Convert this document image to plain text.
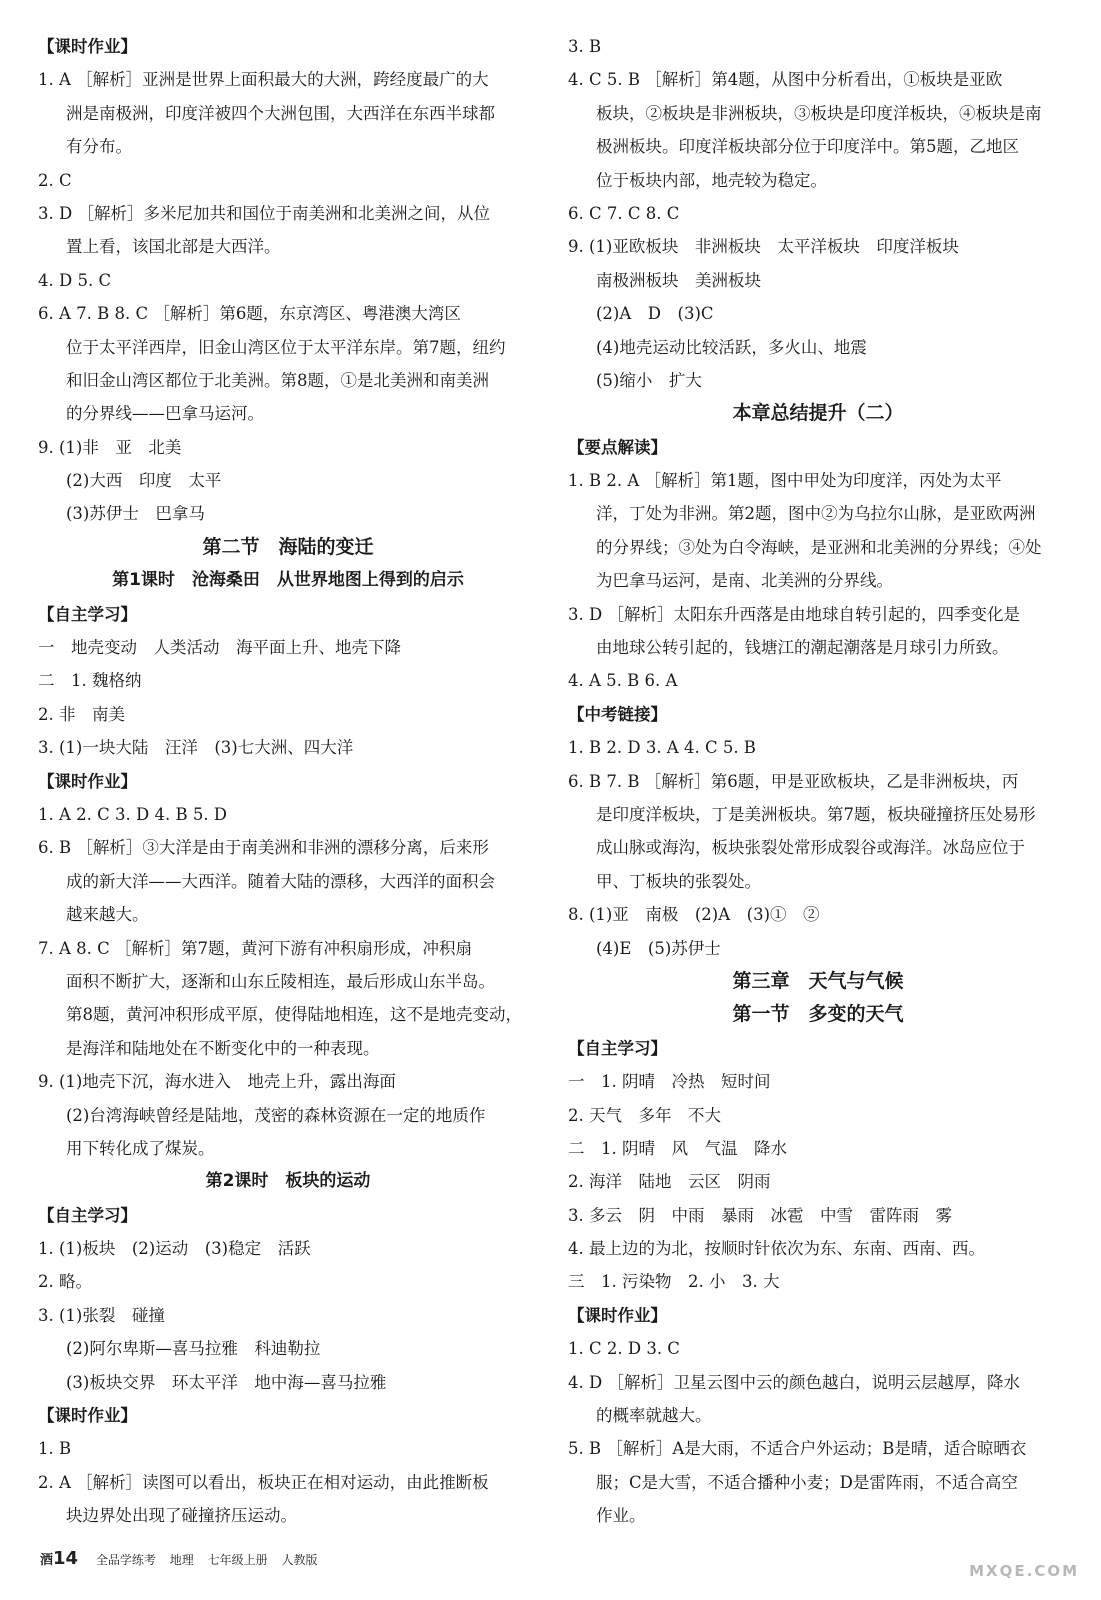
【课时作业】
1. A ［解析］亚洲是世界上面积最大的大洲，跨经度最广的大
洲是南极洲，印度洋被四个大洲包围，大西洋在东西半球都
有分布。
2. C
3. D ［解析］多米尼加共和国位于南美洲和北美洲之间，从位
置上看，该国北部是大西洋。
4. D 5. C
6. A 7. B 8. C ［解析］第6题，东京湾区、粤港澳大湾区
位于太平洋西岸，旧金山湾区位于太平洋东岸。第7题，纽约
和旧金山湾区都位于北美洲。第8题，①是北美洲和南美洲
的分界线——巴拿马运河。
9. (1)非　亚　北美
(2)大西　印度　太平
(3)苏伊士　巴拿马
第二节　海陆的变迁
第1课时　沧海桑田　从世界地图上得到的启示
【自主学习】
一　地壳变动　人类活动　海平面上升、地壳下降
二　1. 魏格纳
2. 非　南美
3. (1)一块大陆　汪洋　(3)七大洲、四大洋
【课时作业】
1. A 2. C 3. D 4. B 5. D
6. B ［解析］③大洋是由于南美洲和非洲的漂移分离，后来形
成的新大洋——大西洋。随着大陆的漂移，大西洋的面积会
越来越大。
7. A 8. C ［解析］第7题，黄河下游有冲积扇形成，冲积扇
面积不断扩大，逐渐和山东丘陵相连，最后形成山东半岛。
第8题，黄河冲积形成平原，使得陆地相连，这不是地壳变动，
是海洋和陆地处在不断变化中的一种表现。
9. (1)地壳下沉，海水进入　地壳上升，露出海面
(2)台湾海峡曾经是陆地，茂密的森林资源在一定的地质作
用下转化成了煤炭。
第2课时　板块的运动
【自主学习】
1. (1)板块　(2)运动　(3)稳定　活跃
2. 略。
3. (1)张裂　碰撞
(2)阿尔卑斯—喜马拉雅　科迪勒拉
(3)板块交界　环太平洋　地中海—喜马拉雅
【课时作业】
1. B
2. A ［解析］读图可以看出，板块正在相对运动，由此推断板
块边界处出现了碰撞挤压运动。
3. B
4. C 5. B ［解析］第4题，从图中分析看出，①板块是亚欧
板块，②板块是非洲板块，③板块是印度洋板块，④板块是南
极洲板块。印度洋板块部分位于印度洋中。第5题，乙地区
位于板块内部，地壳较为稳定。
6. C 7. C 8. C
9. (1)亚欧板块　非洲板块　太平洋板块　印度洋板块
南极洲板块　美洲板块
(2)A　D　(3)C
(4)地壳运动比较活跃，多火山、地震
(5)缩小　扩大
本章总结提升（二）
【要点解读】
1. B 2. A ［解析］第1题，图中甲处为印度洋，丙处为太平
洋，丁处为非洲。第2题，图中②为乌拉尔山脉，是亚欧两洲
的分界线；③处为白令海峡，是亚洲和北美洲的分界线；④处
为巴拿马运河，是南、北美洲的分界线。
3. D ［解析］太阳东升西落是由地球自转引起的，四季变化是
由地球公转引起的，钱塘江的潮起潮落是月球引力所致。
4. A 5. B 6. A
【中考链接】
1. B 2. D 3. A 4. C 5. B
6. B 7. B ［解析］第6题，甲是亚欧板块，乙是非洲板块，丙
是印度洋板块，丁是美洲板块。第7题，板块碰撞挤压处易形
成山脉或海沟，板块张裂处常形成裂谷或海洋。冰岛应位于
甲、丁板块的张裂处。
8. (1)亚　南极　(2)A　(3)①　②
(4)E　(5)苏伊士
第三章　天气与气候
第一节　多变的天气
【自主学习】
一　1. 阴晴　冷热　短时间
2. 天气　多年　不大
二　1. 阴晴　风　气温　降水
2. 海洋　陆地　云区　阴雨
3. 多云　阴　中雨　暴雨　冰雹　中雪　雷阵雨　雾
4. 最上边的为北，按顺时针依次为东、东南、西南、西。
三　1. 污染物　2. 小　3. 大
【课时作业】
1. C 2. D 3. C
4. D ［解析］卫星云图中云的颜色越白，说明云层越厚，降水
的概率就越大。
5. B ［解析］A是大雨，不适合户外运动；B是晴，适合晾晒衣
服；C是大雪，不适合播种小麦；D是雷阵雨，不适合高空
作业。
酒14 全品学练考 地理 七年级上册 人教版
MXQE.COM
